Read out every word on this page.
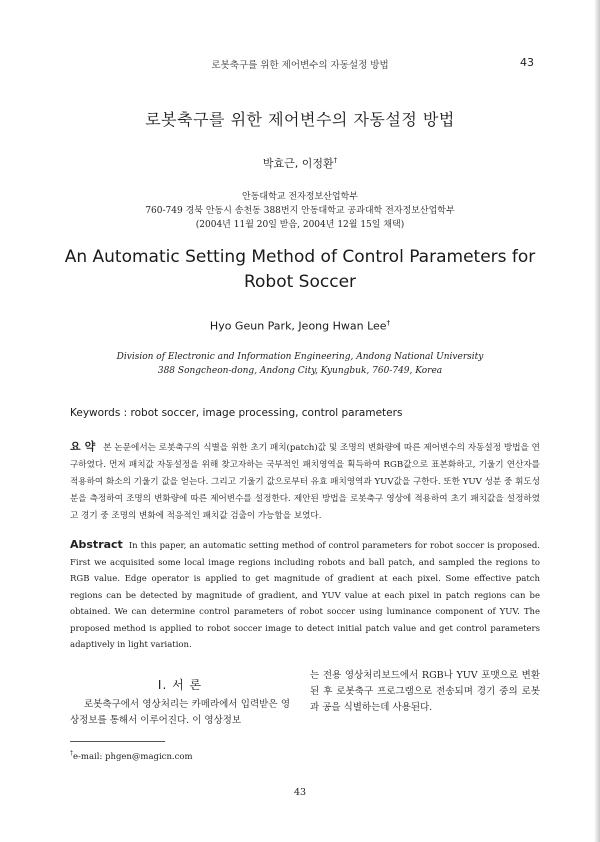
로봇축구를 위한 제어변수의 자동설정 방법	43
로봇축구를 위한 제어변수의 자동설정 방법
박효근, 이정환†
안동대학교 전자정보산업학부
760-749 경북 안동시 송천동 388번지 안동대학교 공과대학 전자정보산업학부
(2004년 11월 20일 받음, 2004년 12월 15일 채택)
An Automatic Setting Method of Control Parameters for Robot Soccer
Hyo Geun Park, Jeong Hwan Lee†
Division of Electronic and Information Engineering, Andong National University
388 Songcheon-dong, Andong City, Kyungbuk, 760-749, Korea
Keywords : robot soccer, image processing, control parameters
요 약 본 논문에서는 로봇축구의 식별을 위한 초기 패치(patch)값 및 조명의 변화량에 따른 제어변수의 자동설정 방법을 연구하였다. 먼저 패치값 자동설정을 위해 찾고자하는 국부적인 패치영역을 획득하여 RGB값으로 표본화하고, 기울기 연산자를 적용하여 화소의 기울기 값을 얻는다. 그리고 기울기 값으로부터 유효 패치영역과 YUV값을 구한다. 또한 YUV 성분 중 휘도성분을 측정하여 조명의 변화량에 따른 제어변수를 설정한다. 제안된 방법을 로봇축구 영상에 적용하여 초기 패치값을 설정하였고 경기 중 조명의 변화에 적응적인 패치값 검출이 가능함을 보였다.
Abstract In this paper, an automatic setting method of control parameters for robot soccer is proposed. First we acquisited some local image regions including robots and ball patch, and sampled the regions to RGB value. Edge operator is applied to get magnitude of gradient at each pixel. Some effective patch regions can be detected by magnitude of gradient, and YUV value at each pixel in patch regions can be obtained. We can determine control parameters of robot soccer using luminance component of YUV. The proposed method is applied to robot soccer image to detect initial patch value and get control parameters adaptively in light variation.
I. 서 론
로봇축구에서 영상처리는 카메라에서 입력받은 영상정보를 통해서 이루어진다. 이 영상정보
는 전용 영상처리보드에서 RGB나 YUV 포맷으로 변환된 후 로봇축구 프로그램으로 전송되며 경기 중의 로봇과 공을 식별하는데 사용된다.
†e-mail: phgen@magicn.com
43
